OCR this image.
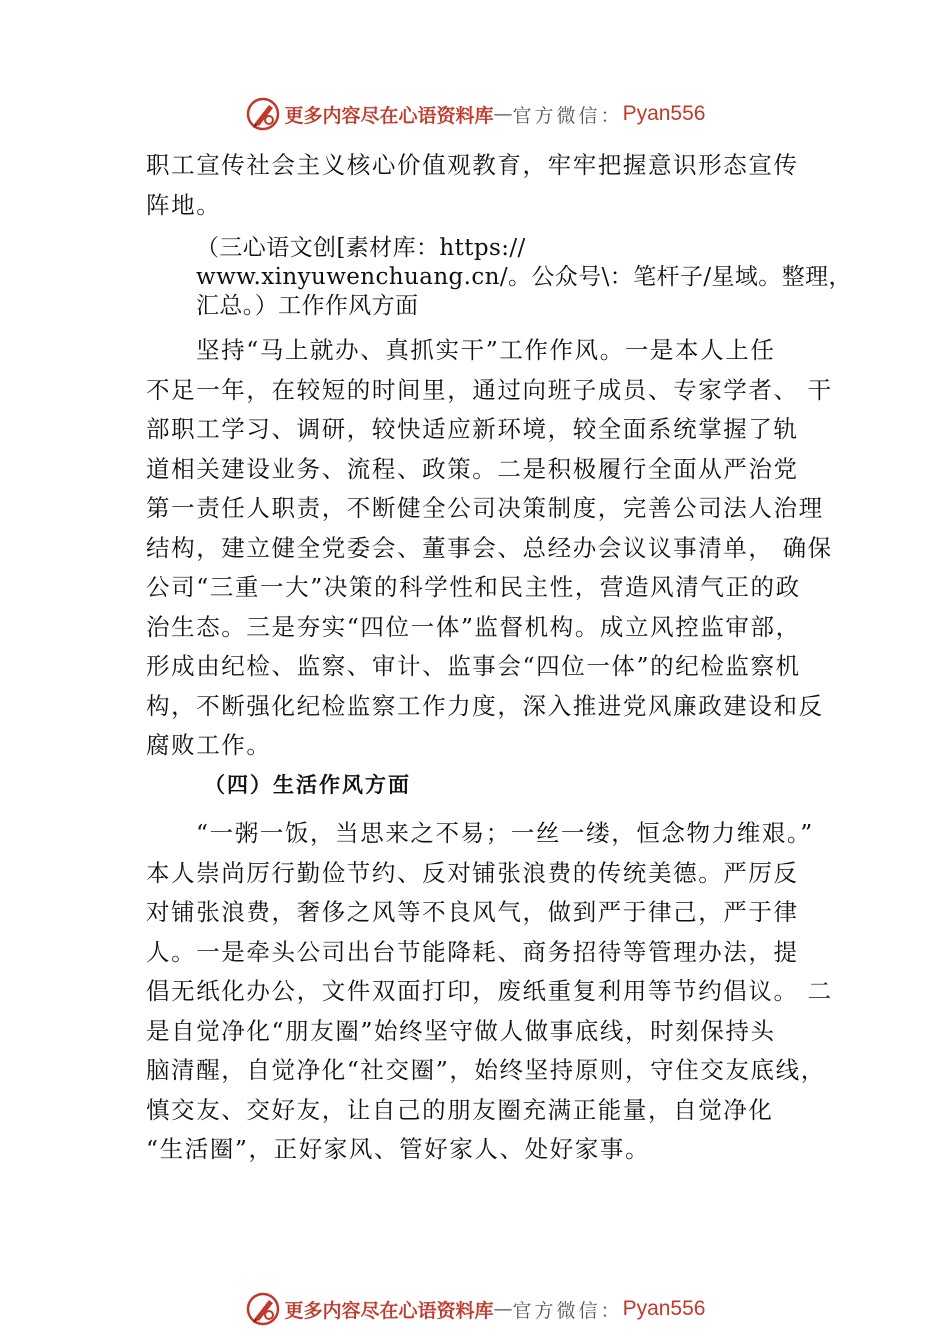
更多内容尽在心语资料库 — 官方微信： Pyan556
职工宣传社会主义核心价值观教育，牢牢把握意识形态宣传
阵地。
（三心语文创[素材库：https://
www.xinyuwenchuang.cn/。公众号\：笔杆子/星域。整理，
汇总。）工作作风方面
坚持“马上就办、真抓实干”工作作风。一是本人上任
不足一年，在较短的时间里，通过向班子成员、专家学者、 干
部职工学习、调研，较快适应新环境，较全面系统掌握了轨
道相关建设业务、流程、政策。二是积极履行全面从严治党
第一责任人职责，不断健全公司决策制度，完善公司法人治理
结构，建立健全党委会、董事会、总经办会议议事清单， 确保
公司“三重一大”决策的科学性和民主性，营造风清气正的政
治生态。三是夯实“四位一体”监督机构。成立风控监审部，
形成由纪检、监察、审计、监事会“四位一体”的纪检监察机
构，不断强化纪检监察工作力度，深入推进党风廉政建设和反
腐败工作。
（四）生活作风方面
“一粥一饭，当思来之不易；一丝一缕，恒念物力维艰。”
本人崇尚厉行勤俭节约、反对铺张浪费的传统美德。严厉反
对铺张浪费，奢侈之风等不良风气，做到严于律己，严于律
人。一是牵头公司出台节能降耗、商务招待等管理办法，提
倡无纸化办公，文件双面打印，废纸重复利用等节约倡议。 二
是自觉净化“朋友圈”始终坚守做人做事底线，时刻保持头
脑清醒，自觉净化“社交圈”，始终坚持原则，守住交友底线，
慎交友、交好友，让自己的朋友圈充满正能量，自觉净化
“生活圈”，正好家风、管好家人、处好家事。
更多内容尽在心语资料库 — 官方微信： Pyan556
